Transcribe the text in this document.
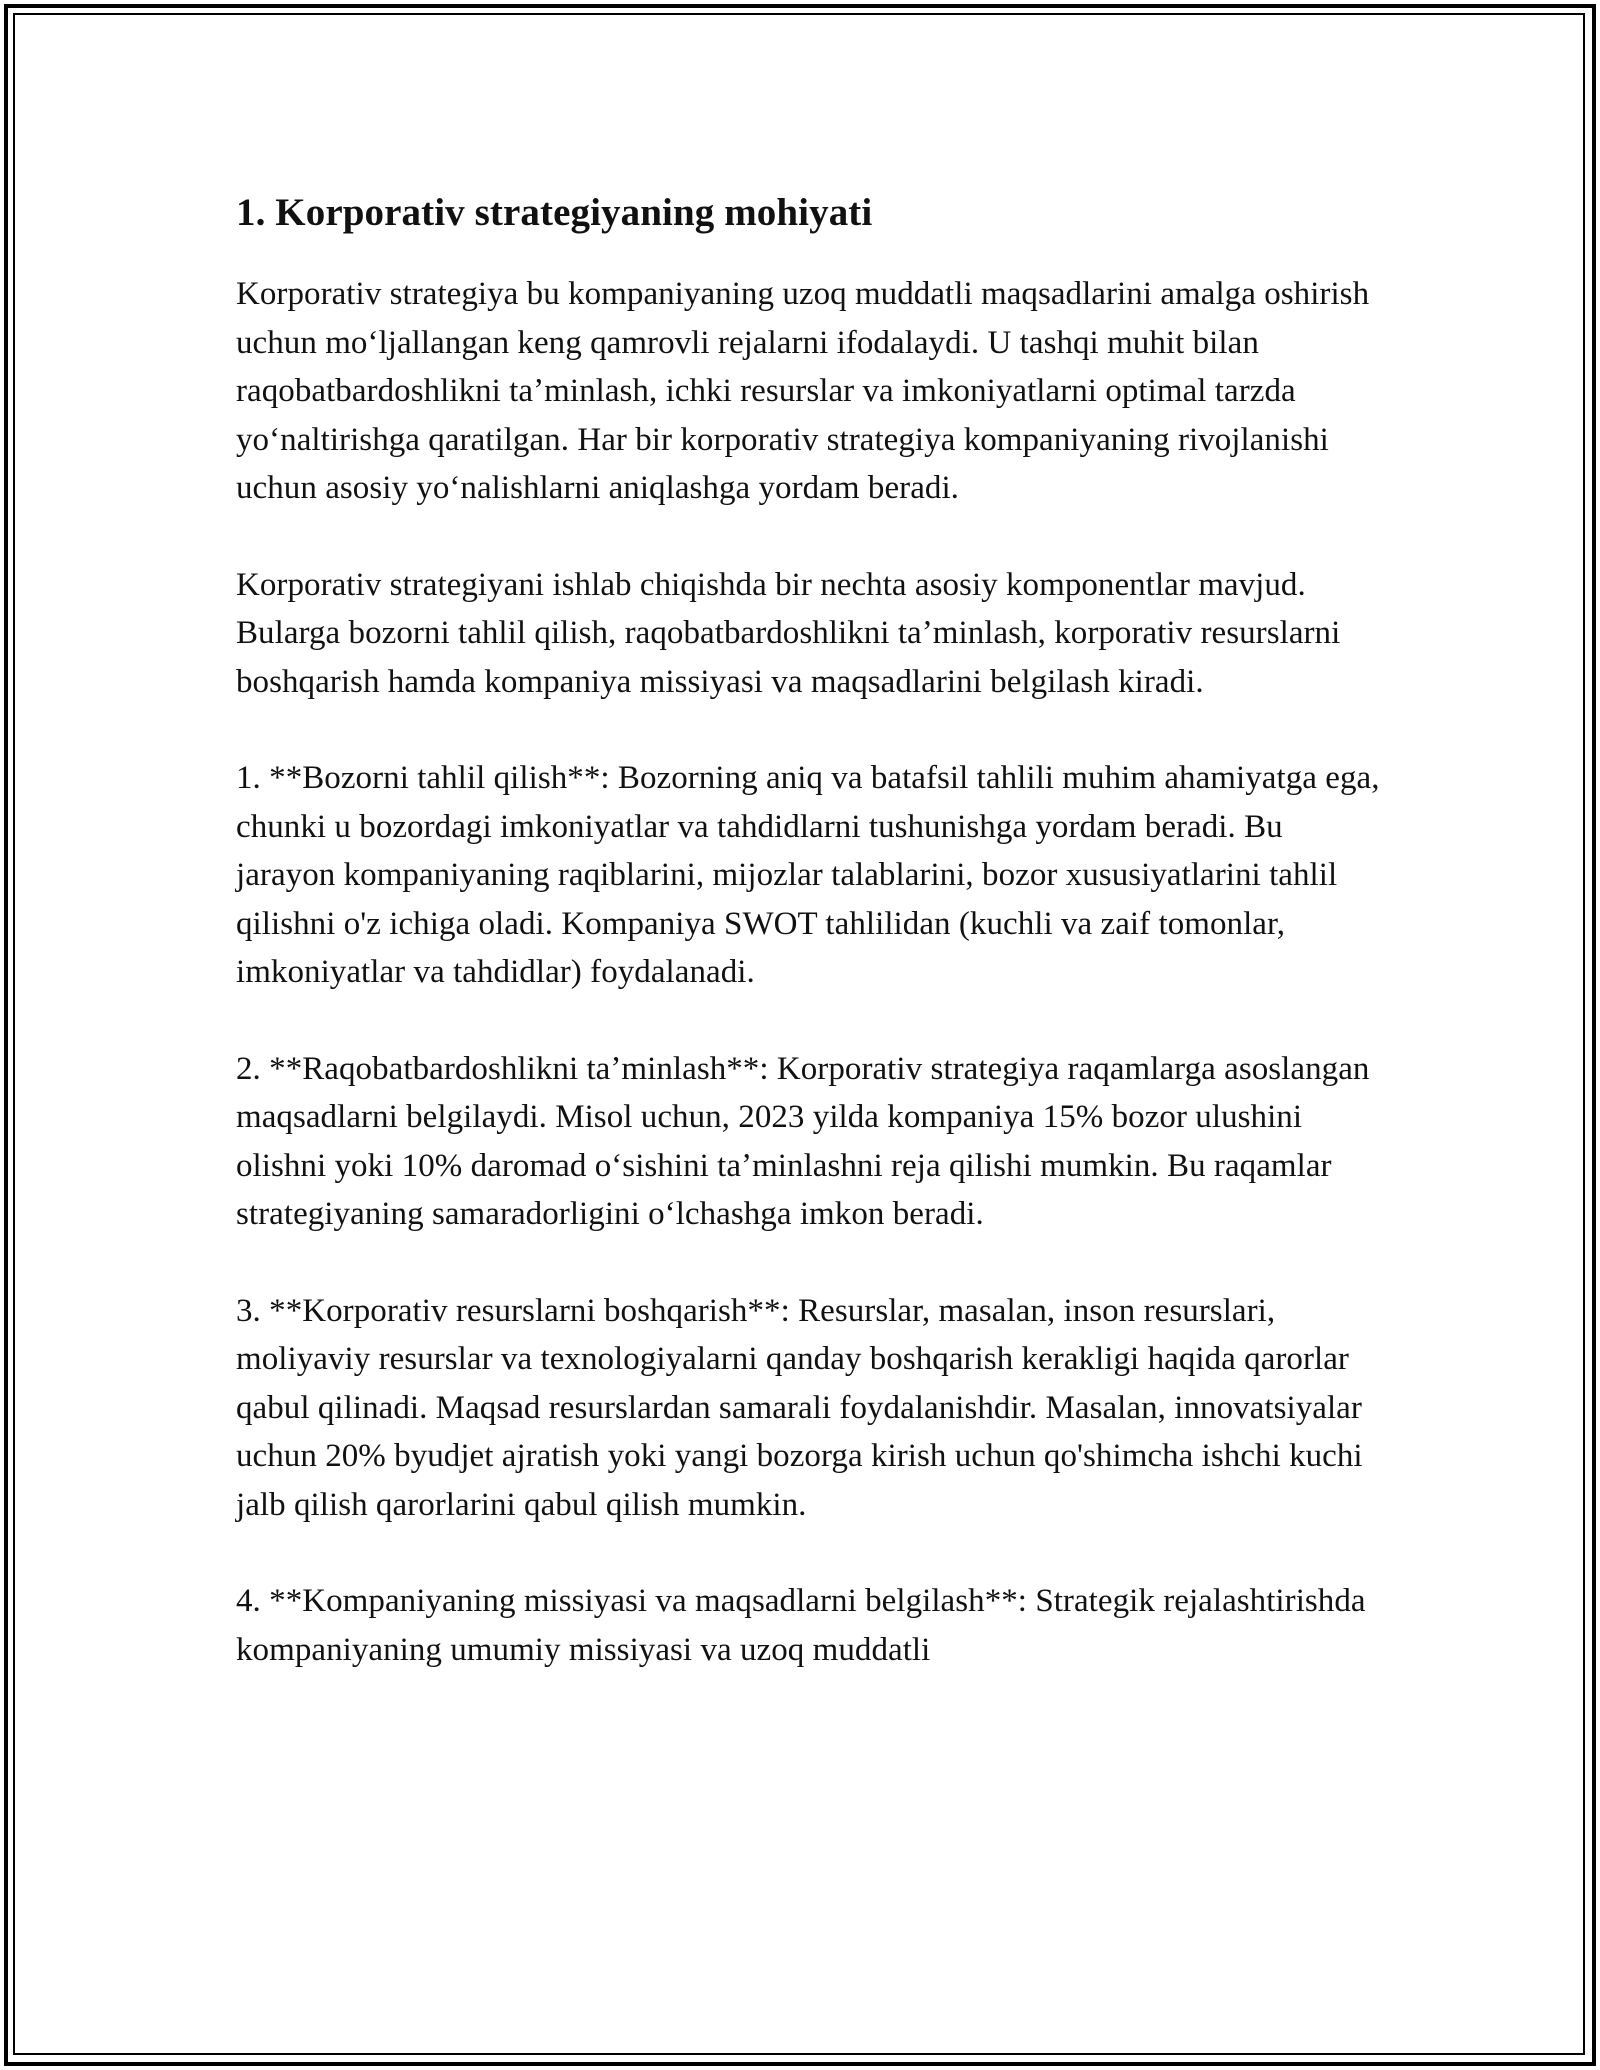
1. Korporativ strategiyaning mohiyati

Korporativ strategiya bu kompaniyaning uzoq muddatli maqsadlarini amalga oshirish uchun moʻljallangan keng qamrovli rejalarni ifodalaydi. U tashqi muhit bilan raqobatbardoshlikni taʼminlash, ichki resurslar va imkoniyatlarni optimal tarzda yoʻnaltirishga qaratilgan. Har bir korporativ strategiya kompaniyaning rivojlanishi uchun asosiy yoʻnalishlarni aniqlashga yordam beradi.

Korporativ strategiyani ishlab chiqishda bir nechta asosiy komponentlar mavjud. Bularga bozorni tahlil qilish, raqobatbardoshlikni taʼminlash, korporativ resurslarni boshqarish hamda kompaniya missiyasi va maqsadlarini belgilash kiradi.

1. **Bozorni tahlil qilish**: Bozorning aniq va batafsil tahlili muhim ahamiyatga ega, chunki u bozordagi imkoniyatlar va tahdidlarni tushunishga yordam beradi. Bu jarayon kompaniyaning raqiblarini, mijozlar talablarini, bozor xususiyatlarini tahlil qilishni o'z ichiga oladi. Kompaniya SWOT tahlilidan (kuchli va zaif tomonlar, imkoniyatlar va tahdidlar) foydalanadi.

2. **Raqobatbardoshlikni taʼminlash**: Korporativ strategiya raqamlarga asoslangan maqsadlarni belgilaydi. Misol uchun, 2023 yilda kompaniya 15% bozor ulushini olishni yoki 10% daromad oʻsishini taʼminlashni reja qilishi mumkin. Bu raqamlar strategiyaning samaradorligini oʻlchashga imkon beradi.

3. **Korporativ resurslarni boshqarish**: Resurslar, masalan, inson resurslari, moliyaviy resurslar va texnologiyalarni qanday boshqarish kerakligi haqida qarorlar qabul qilinadi. Maqsad resurslardan samarali foydalanishdir. Masalan, innovatsiyalar uchun 20% byudjet ajratish yoki yangi bozorga kirish uchun qo'shimcha ishchi kuchi jalb qilish qarorlarini qabul qilish mumkin.

4. **Kompaniyaning missiyasi va maqsadlarni belgilash**: Strategik rejalashtirishda kompaniyaning umumiy missiyasi va uzoq muddatli
